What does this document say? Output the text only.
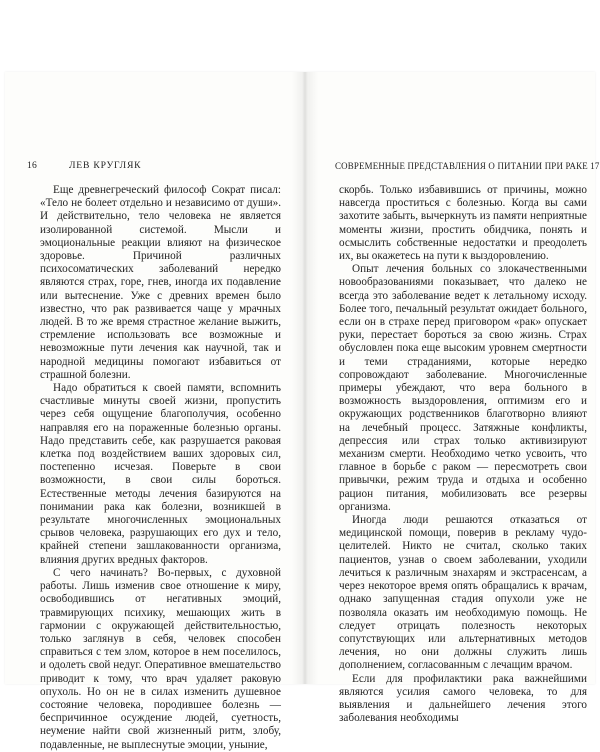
16	ЛЕВ КРУГЛЯК

Еще древнегреческий философ Сократ писал: «Тело не болеет отдельно и независимо от души». И действительно, тело человека не является изолированной системой. Мысли и эмоциональные реакции влияют на физическое здоровье. Причиной различных психосоматических заболеваний нередко являются страх, горе, гнев, иногда их подавление или вытеснение. Уже с древних времен было известно, что рак развивается чаще у мрачных людей. В то же время страстное желание выжить, стремление использовать все возможные и невозможные пути лечения как научной, так и народной медицины помогают избавиться от страшной болезни.

Надо обратиться к своей памяти, вспомнить счастливые минуты своей жизни, пропустить через себя ощущение благополучия, особенно направляя его на пораженные болезнью органы. Надо представить себе, как разрушается раковая клетка под воздействием ваших здоровых сил, постепенно исчезая. Поверьте в свои возможности, в свои силы бороться. Естественные методы лечения базируются на понимании рака как болезни, возникшей в результате многочисленных эмоциональных срывов человека, разрушающих его дух и тело, крайней степени зашлакованности организма, влияния других вредных факторов.

С чего начинать? Во-первых, с духовной работы. Лишь изменив свое отношение к миру, освободившись от негативных эмоций, травмирующих психику, мешающих жить в гармонии с окружающей действительностью, только заглянув в себя, человек способен справиться с тем злом, которое в нем поселилось, и одолеть свой недуг. Оперативное вмешательство приводит к тому, что врач удаляет раковую опухоль. Но он не в силах изменить душевное состояние человека, породившее болезнь — беспричинное осуждение людей, суетность, неумение найти свой жизненный ритм, злобу, подавленные, не выплеснутые эмоции, уныние,

СОВРЕМЕННЫЕ ПРЕДСТАВЛЕНИЯ О ПИТАНИИ ПРИ РАКЕ 17

скорбь. Только избавившись от причины, можно навсегда проститься с болезнью. Когда вы сами захотите забыть, вычеркнуть из памяти неприятные моменты жизни, простить обидчика, понять и осмыслить собственные недостатки и преодолеть их, вы окажетесь на пути к выздоровлению.

Опыт лечения больных со злокачественными новообразованиями показывает, что далеко не всегда это заболевание ведет к летальному исходу. Более того, печальный результат ожидает больного, если он в страхе перед приговором «рак» опускает руки, перестает бороться за свою жизнь. Страх обусловлен пока еще высоким уровнем смертности и теми страданиями, которые нередко сопровождают заболевание. Многочисленные примеры убеждают, что вера больного в возможность выздоровления, оптимизм его и окружающих родственников благотворно влияют на лечебный процесс. Затяжные конфликты, депрессия или страх только активизируют механизм смерти. Необходимо четко усвоить, что главное в борьбе с раком — пересмотреть свои привычки, режим труда и отдыха и особенно рацион питания, мобилизовать все резервы организма.

Иногда люди решаются отказаться от медицинской помощи, поверив в рекламу чудо-целителей. Никто не считал, сколько таких пациентов, узнав о своем заболевании, уходили лечиться к различным знахарям и экстрасенсам, а через некоторое время опять обращались к врачам, однако запущенная стадия опухоли уже не позволяла оказать им необходимую помощь. Не следует отрицать полезность некоторых сопутствующих или альтернативных методов лечения, но они должны служить лишь дополнением, согласованным с лечащим врачом.

Если для профилактики рака важнейшими являются усилия самого человека, то для выявления и дальнейшего лечения этого заболевания необходимы
